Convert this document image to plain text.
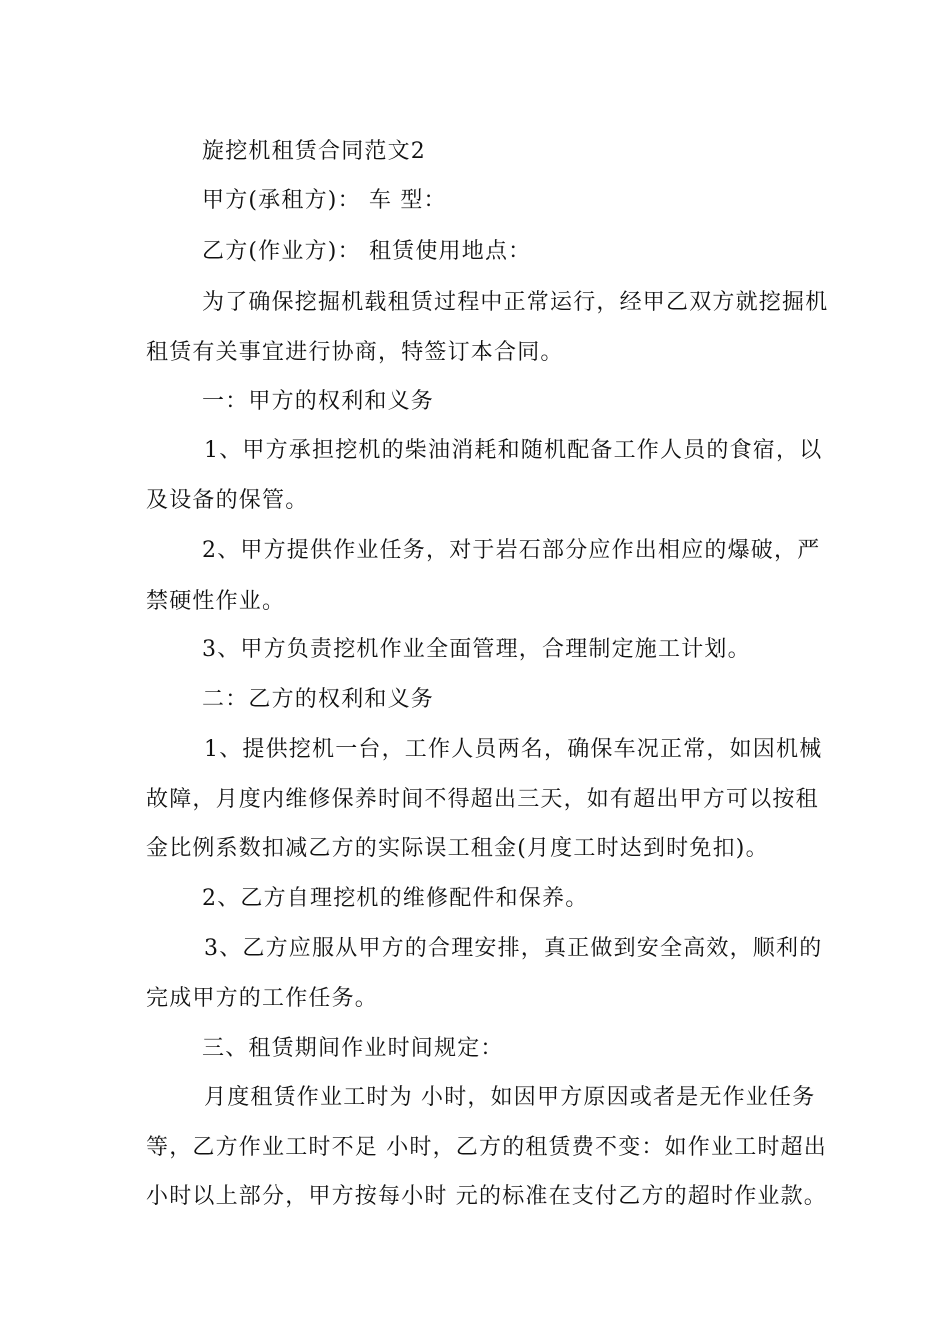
旋挖机租赁合同范文2
甲方(承租方)： 车 型：
乙方(作业方)： 租赁使用地点：
为了确保挖掘机载租赁过程中正常运行，经甲乙双方就挖掘机
租赁有关事宜进行协商，特签订本合同。
一：甲方的权利和义务
1、甲方承担挖机的柴油消耗和随机配备工作人员的食宿，以
及设备的保管。
2、甲方提供作业任务，对于岩石部分应作出相应的爆破，严
禁硬性作业。
3、甲方负责挖机作业全面管理，合理制定施工计划。
二：乙方的权利和义务
1、提供挖机一台，工作人员两名，确保车况正常，如因机械
故障，月度内维修保养时间不得超出三天，如有超出甲方可以按租
金比例系数扣减乙方的实际误工租金(月度工时达到时免扣)。
2、乙方自理挖机的维修配件和保养。
3、乙方应服从甲方的合理安排，真正做到安全高效，顺利的
完成甲方的工作任务。
三、租赁期间作业时间规定：
月度租赁作业工时为 小时，如因甲方原因或者是无作业任务
等，乙方作业工时不足 小时，乙方的租赁费不变：如作业工时超出
小时以上部分，甲方按每小时 元的标准在支付乙方的超时作业款。
